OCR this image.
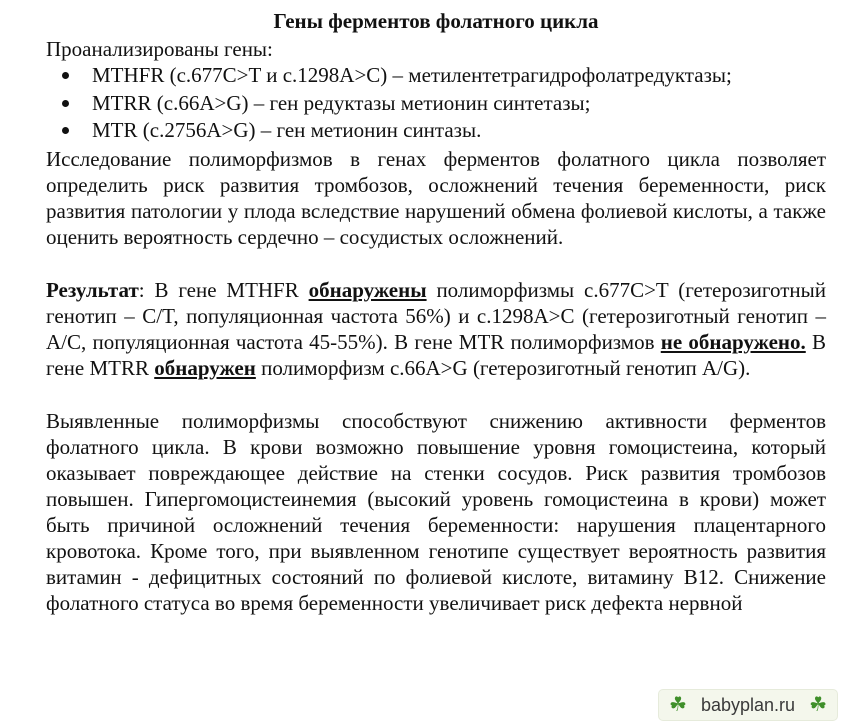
Гены ферментов фолатного цикла

Проанализированы гены:

MTHFR (c.677C>T и c.1298A>C) – метилентетрагидрофолатредуктазы;
MTRR (c.66A>G) – ген редуктазы метионин синтетазы;
MTR (c.2756A>G) – ген метионин синтазы.

Исследование полиморфизмов в генах ферментов фолатного цикла позволяет определить риск развития тромбозов, осложнений течения беременности, риск развития патологии у плода вследствие нарушений обмена фолиевой кислоты, а также оценить вероятность сердечно – сосудистых осложнений.

Результат: В гене MTHFR обнаружены полиморфизмы c.677C>T (гетерозиготный генотип – C/T, популяционная частота 56%) и c.1298A>C (гетерозиготный генотип – A/C, популяционная частота 45-55%). В гене MTR полиморфизмов не обнаружено. В гене MTRR обнаружен полиморфизм c.66A>G (гетерозиготный генотип A/G).

Выявленные полиморфизмы способствуют снижению активности ферментов фолатного цикла. В крови возможно повышение уровня гомоцистеина, который оказывает повреждающее действие на стенки сосудов. Риск развития тромбозов повышен. Гипергомоцистеинемия (высокий уровень гомоцистеина в крови) может быть причиной осложнений течения беременности: нарушения плацентарного кровотока. Кроме того, при выявленном генотипе существует вероятность развития витамин - дефицитных состояний по фолиевой кислоте, витамину B12. Снижение фолатного статуса во время беременности увеличивает риск дефекта нервной

☘ babyplan.ru ☘
